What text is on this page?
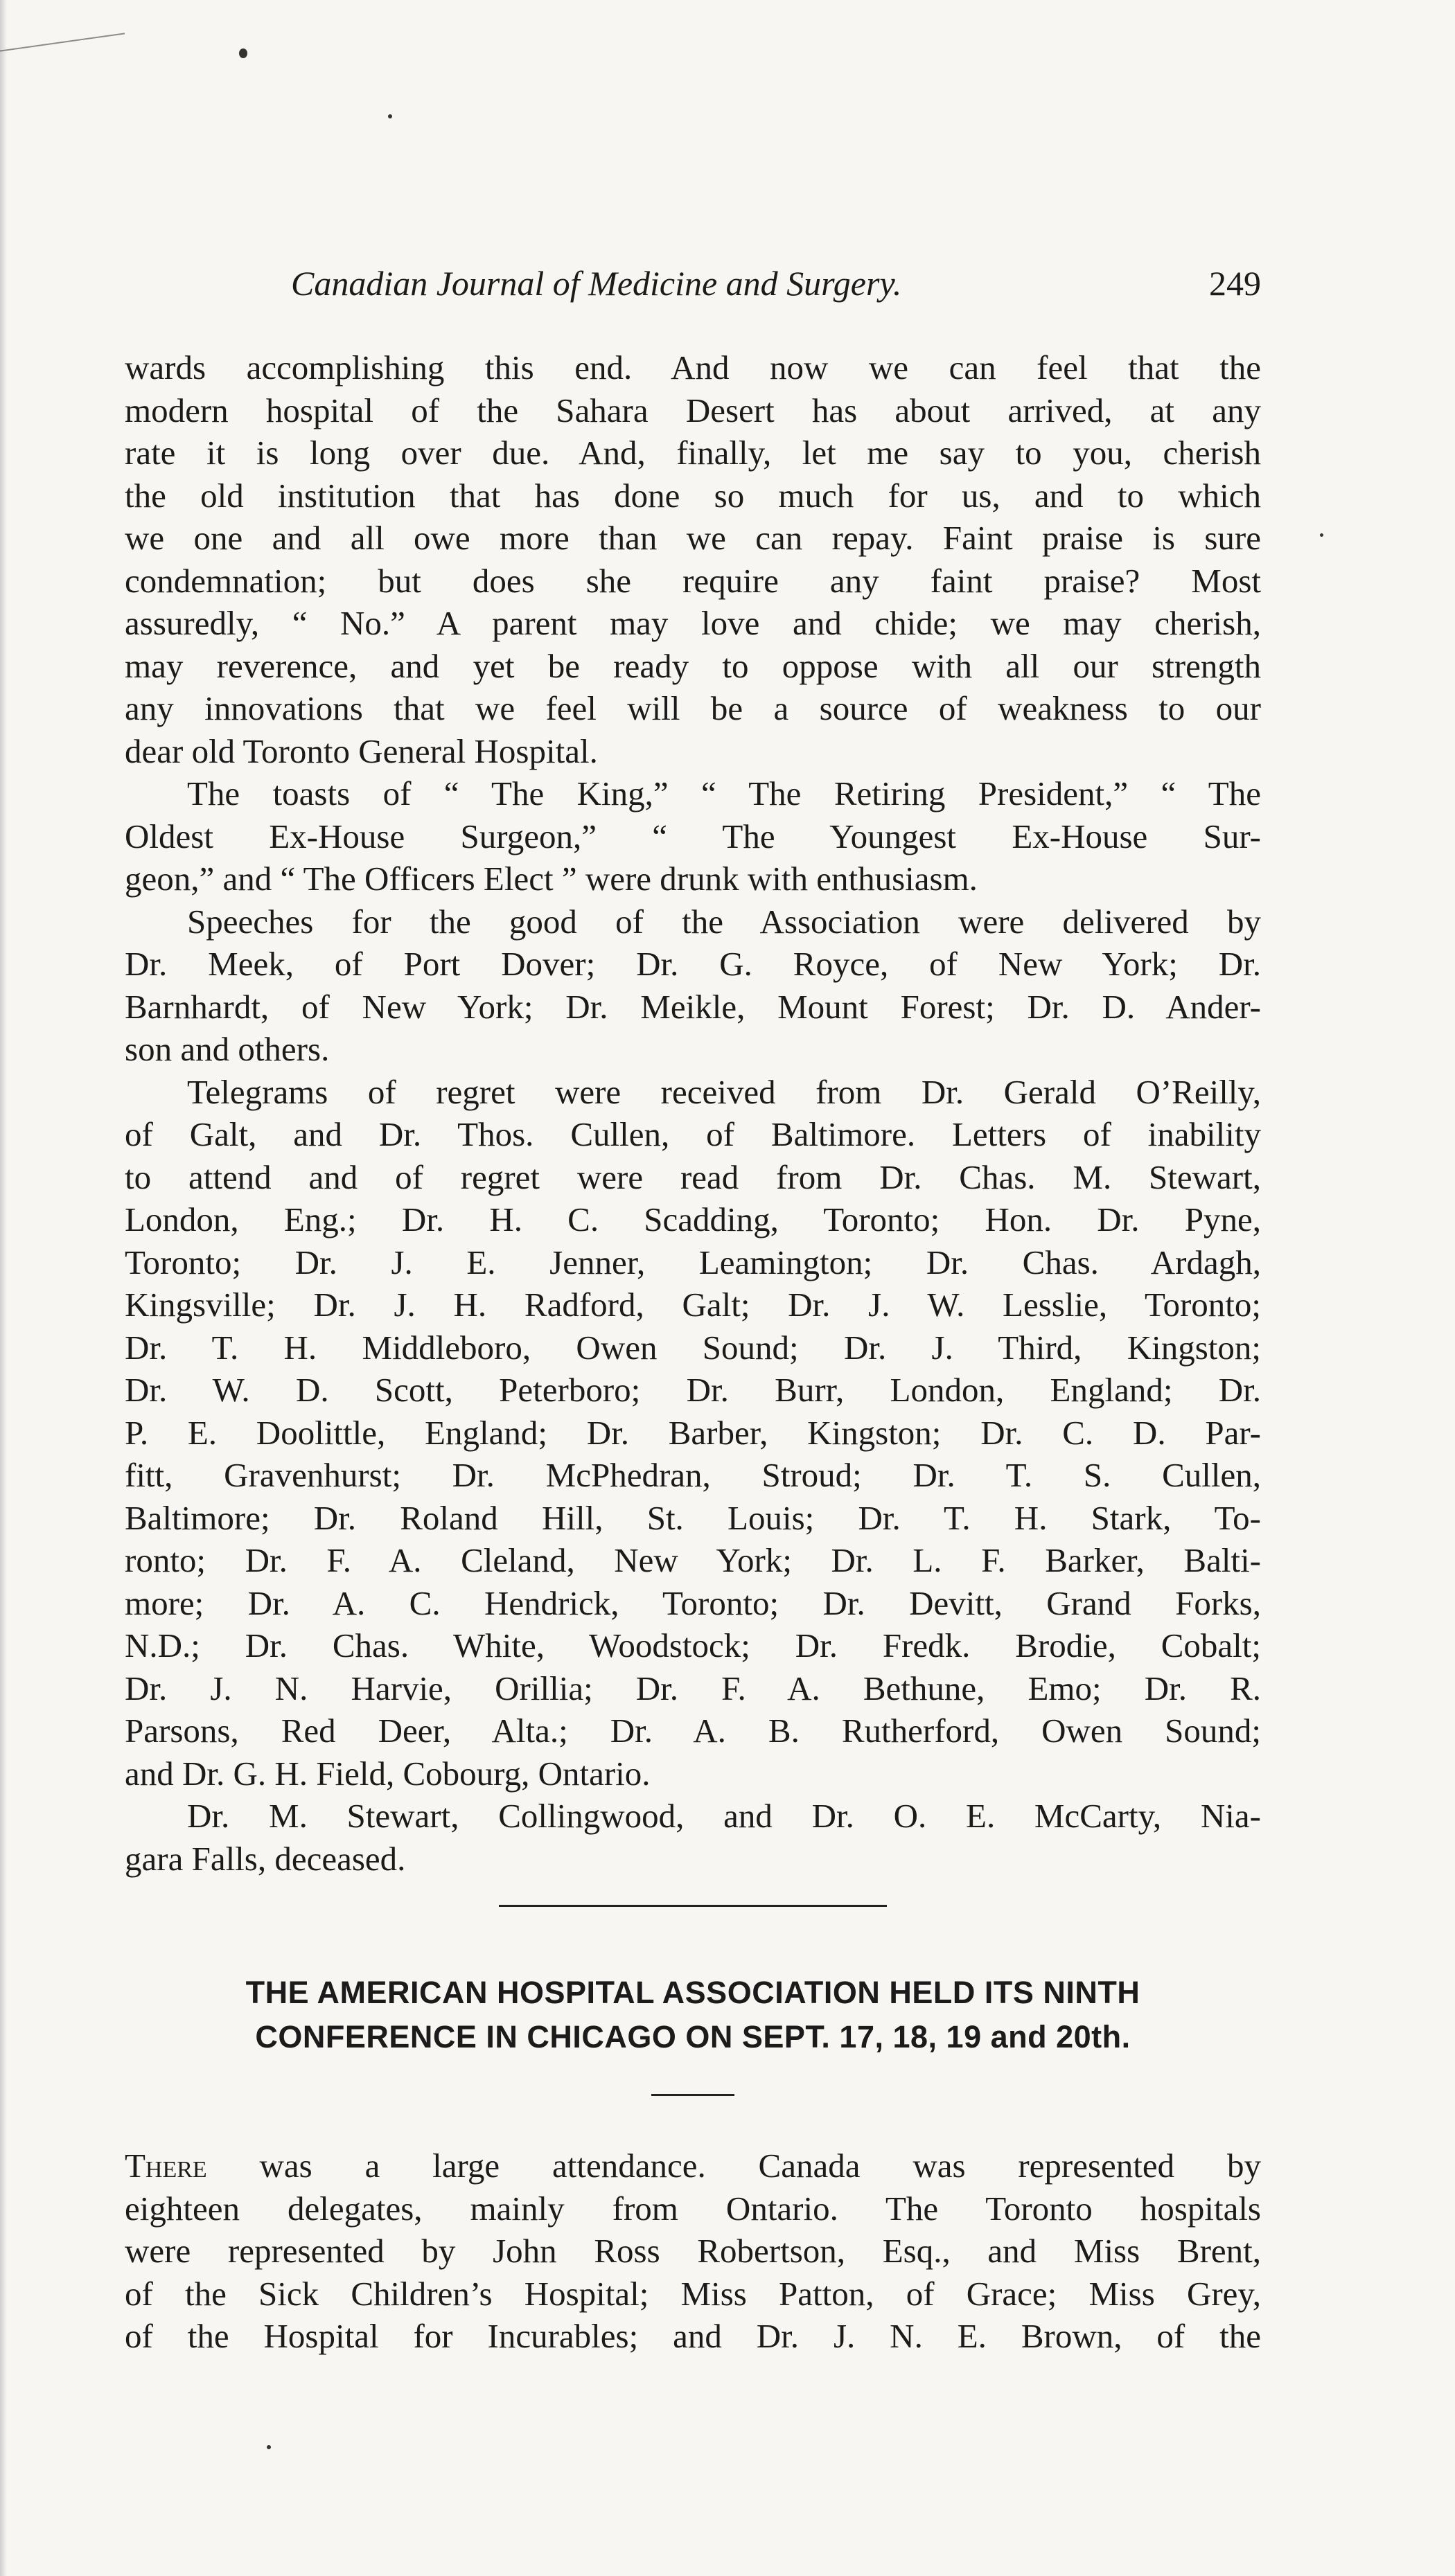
Canadian Journal of Medicine and Surgery.	249
wards accomplishing this end. And now we can feel that the
modern hospital of the Sahara Desert has about arrived, at any
rate it is long over due. And, finally, let me say to you, cherish
the old institution that has done so much for us, and to which
we one and all owe more than we can repay. Faint praise is sure
condemnation; but does she require any faint praise? Most
assuredly, “ No.” A parent may love and chide; we may cherish,
may reverence, and yet be ready to oppose with all our strength
any innovations that we feel will be a source of weakness to our
dear old Toronto General Hospital.
The toasts of “ The King,” “ The Retiring President,” “ The
Oldest Ex-House Surgeon,” “ The Youngest Ex-House Sur-
geon,” and “ The Officers Elect ” were drunk with enthusiasm.
Speeches for the good of the Association were delivered by
Dr. Meek, of Port Dover; Dr. G. Royce, of New York; Dr.
Barnhardt, of New York; Dr. Meikle, Mount Forest; Dr. D. Ander-
son and others.
Telegrams of regret were received from Dr. Gerald O’Reilly,
of Galt, and Dr. Thos. Cullen, of Baltimore. Letters of inability
to attend and of regret were read from Dr. Chas. M. Stewart,
London, Eng.; Dr. H. C. Scadding, Toronto; Hon. Dr. Pyne,
Toronto; Dr. J. E. Jenner, Leamington; Dr. Chas. Ardagh,
Kingsville; Dr. J. H. Radford, Galt; Dr. J. W. Lesslie, Toronto;
Dr. T. H. Middleboro, Owen Sound; Dr. J. Third, Kingston;
Dr. W. D. Scott, Peterboro; Dr. Burr, London, England; Dr.
P. E. Doolittle, England; Dr. Barber, Kingston; Dr. C. D. Par-
fitt, Gravenhurst; Dr. McPhedran, Stroud; Dr. T. S. Cullen,
Baltimore; Dr. Roland Hill, St. Louis; Dr. T. H. Stark, To-
ronto; Dr. F. A. Cleland, New York; Dr. L. F. Barker, Balti-
more; Dr. A. C. Hendrick, Toronto; Dr. Devitt, Grand Forks,
N.D.; Dr. Chas. White, Woodstock; Dr. Fredk. Brodie, Cobalt;
Dr. J. N. Harvie, Orillia; Dr. F. A. Bethune, Emo; Dr. R.
Parsons, Red Deer, Alta.; Dr. A. B. Rutherford, Owen Sound;
and Dr. G. H. Field, Cobourg, Ontario.
Dr. M. Stewart, Collingwood, and Dr. O. E. McCarty, Nia-
gara Falls, deceased.
THE AMERICAN HOSPITAL ASSOCIATION HELD ITS NINTH
CONFERENCE IN CHICAGO ON SEPT. 17, 18, 19 and 20th.
There was a large attendance. Canada was represented by
eighteen delegates, mainly from Ontario. The Toronto hospitals
were represented by John Ross Robertson, Esq., and Miss Brent,
of the Sick Children’s Hospital; Miss Patton, of Grace; Miss Grey,
of the Hospital for Incurables; and Dr. J. N. E. Brown, of the
